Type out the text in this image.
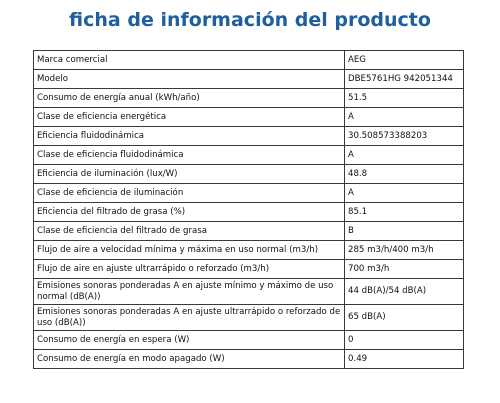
ficha de información del producto
Marca comercial	AEG
Modelo	DBE5761HG 942051344
Consumo de energía anual (kWh/año)	51.5
Clase de eficiencia energética	A
Eficiencia fluidodinámica	30.508573388203
Clase de eficiencia fluidodinámica	A
Eficiencia de iluminación (lux/W)	48.8
Clase de eficiencia de iluminación	A
Eficiencia del filtrado de grasa (%)	85.1
Clase de eficiencia del filtrado de grasa	B
Flujo de aire a velocidad mínima y máxima en uso normal (m3/h)	285 m3/h/400 m3/h
Flujo de aire en ajuste ultrarrápido o reforzado (m3/h)	700 m3/h
Emisiones sonoras ponderadas A en ajuste mínimo y máximo de uso normal (dB(A))	44 dB(A)/54 dB(A)
Emisiones sonoras ponderadas A en ajuste ultrarrápido o reforzado de uso (dB(A))	65 dB(A)
Consumo de energía en espera (W)	0
Consumo de energía en modo apagado (W)	0.49
